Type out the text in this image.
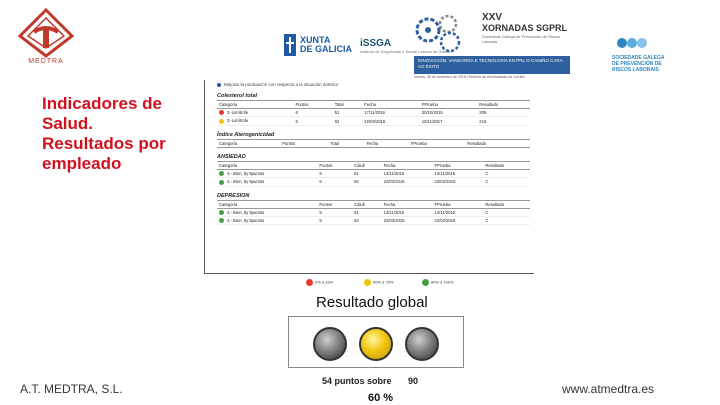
MEDTRA
XUNTA
DE GALICIA iSSGA
Instituto de Seguridade e Saúde Laboral de Galicia
XXV
XORNADAS SGPRL
Sociedade Galega de Prevención de Riscos Laborais
INNOVACIÓN, VANGARDA E TECNOLOXÍA EN PRL O CAMIÑO CARA AO ÉXITO
Venres, 30 de novembro de 2018 | Reitoría da Universidade da Coruña
SOCIEDADE GALEGA DE PREVENCIÓN DE RISCOS LABORAIS
Indicadores de
Salud.
Resultados por
empleado
Mejorar la puntuación con respecto a la situación anterior
Colesterol total
Categoría	Puntos	Total	Fecha	FPrueba	Resultado
3.-Limítrofe	6	51	17/11/2016	30/10/2015	205
3.-Limítrofe	6	62	22/03/2016	10/11/2017	216
Índice Aterogenicidad
Categoría	Puntos	Total	Fecha	FPrueba	Resultado
ANSIEDAD
Categoría	Puntos	Cálull	Fecha	FPrueba	Resultado
4.- Bien, 5y 5puntos	5	51	14/11/2016	14/11/2015	C
4.- Bien, 5y 5puntos	5	62	22/03/2016	22/02/2015	C
DEPRESION
Categoría	Puntos	Cálull	Fecha	FPrueba	Resultado
4.- Bien, 5y 5puntos	5	51	14/11/2016	14/11/2015	C
4.- Bien, 5y 5puntos	5	62	22/03/2016	22/02/2015	C
0% a 33%	40% a 75%	80% a 100%
Resultado global
54 puntos sobre 90
60 %
A.T. MEDTRA, S.L.	www.atmedtra.es
